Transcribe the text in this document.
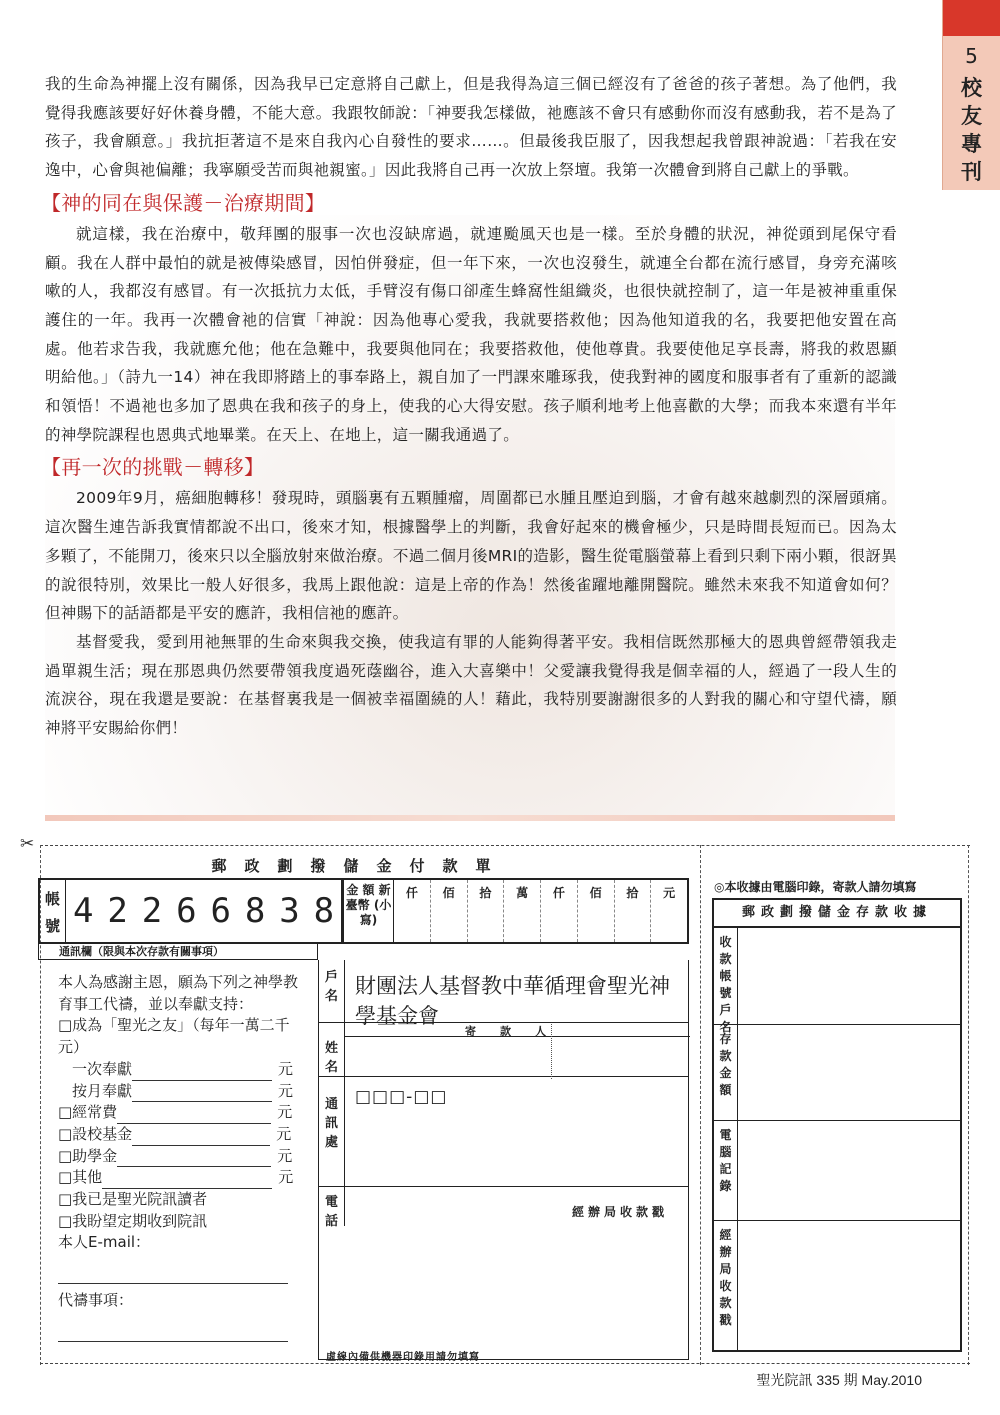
5
校友專刊

我的生命為神擺上沒有關係，因為我早已定意將自己獻上，但是我得為這三個已經沒有了爸爸的孩子著想。為了他們，我覺得我應該要好好休養身體，不能大意。我跟牧師說：「神要我怎樣做，祂應該不會只有感動你而沒有感動我，若不是為了孩子，我會願意。」我抗拒著這不是來自我內心自發性的要求……。但最後我臣服了，因我想起我曾跟神說過：「若我在安逸中，心會與祂偏離；我寧願受苦而與祂親蜜。」因此我將自己再一次放上祭壇。我第一次體會到將自己獻上的爭戰。

【神的同在與保護－治療期間】

就這樣，我在治療中，敬拜團的服事一次也沒缺席過，就連颱風天也是一樣。至於身體的狀況，神從頭到尾保守看顧。我在人群中最怕的就是被傳染感冒，因怕併發症，但一年下來，一次也沒發生，就連全台都在流行感冒，身旁充滿咳嗽的人，我都沒有感冒。有一次抵抗力太低，手臂沒有傷口卻產生蜂窩性組織炎，也很快就控制了，這一年是被神重重保護住的一年。我再一次體會祂的信實「神說：因為他專心愛我，我就要搭救他；因為他知道我的名，我要把他安置在高處。他若求告我，我就應允他；他在急難中，我要與他同在；我要搭救他，使他尊貴。我要使他足享長壽，將我的救恩顯明給他。」（詩九一14）神在我即將踏上的事奉路上，親自加了一門課來雕琢我，使我對神的國度和服事者有了重新的認識和領悟！不過祂也多加了恩典在我和孩子的身上，使我的心大得安慰。孩子順利地考上他喜歡的大學；而我本來還有半年的神學院課程也恩典式地畢業。在天上、在地上，這一關我通過了。

【再一次的挑戰－轉移】

2009年9月，癌細胞轉移！發現時，頭腦裏有五顆腫瘤，周圍都已水腫且壓迫到腦，才會有越來越劇烈的深層頭痛。這次醫生連告訴我實情都說不出口，後來才知，根據醫學上的判斷，我會好起來的機會極少，只是時間長短而已。因為太多顆了，不能開刀，後來只以全腦放射來做治療。不過二個月後MRI的造影，醫生從電腦螢幕上看到只剩下兩小顆，很訝異的說很特別，效果比一般人好很多，我馬上跟他說：這是上帝的作為！然後雀躍地離開醫院。雖然未來我不知道會如何？但神賜下的話語都是平安的應許，我相信祂的應許。

基督愛我，愛到用祂無罪的生命來與我交換，使我這有罪的人能夠得著平安。我相信既然那極大的恩典曾經帶領我走過單親生活；現在那恩典仍然要帶領我度過死蔭幽谷，進入大喜樂中！父愛讓我覺得我是個幸福的人，經過了一段人生的流淚谷，現在我還是要說：在基督裏我是一個被幸福圍繞的人！藉此，我特別要謝謝很多的人對我的關心和守望代禱，願神將平安賜給你們！

✂
郵政劃撥儲金付款單
帳號 4 2 2 6 6 8 3 8
金 額 新臺幣 (小寫)
仟	佰	拾	萬	仟	佰	拾	元
通訊欄（限與本次存款有關事項）
本人為感謝主恩，願為下列之神學教育事工代禱，並以奉獻支持：
□成為「聖光之友」（每年一萬二千元）
一次奉獻	元
按月奉獻	元
□經常費	元
□設校基金	元
□助學金	元
□其他	元
□我已是聖光院訊讀者
□我盼望定期收到院訊
本人E-mail：
代禱事項：
戶名 財團法人基督教中華循理會聖光神學基金會
寄款人
姓名
通訊處
□□□-□□
電話
經辦局收款戳
虛線內備供機器印錄用請勿填寫
◎本收據由電腦印錄，寄款人請勿填寫
郵政劃撥儲金存款收據
收款帳號戶名
存款金額
電腦記錄
經辦局收款戳
聖光院訊 335 期 May.2010
